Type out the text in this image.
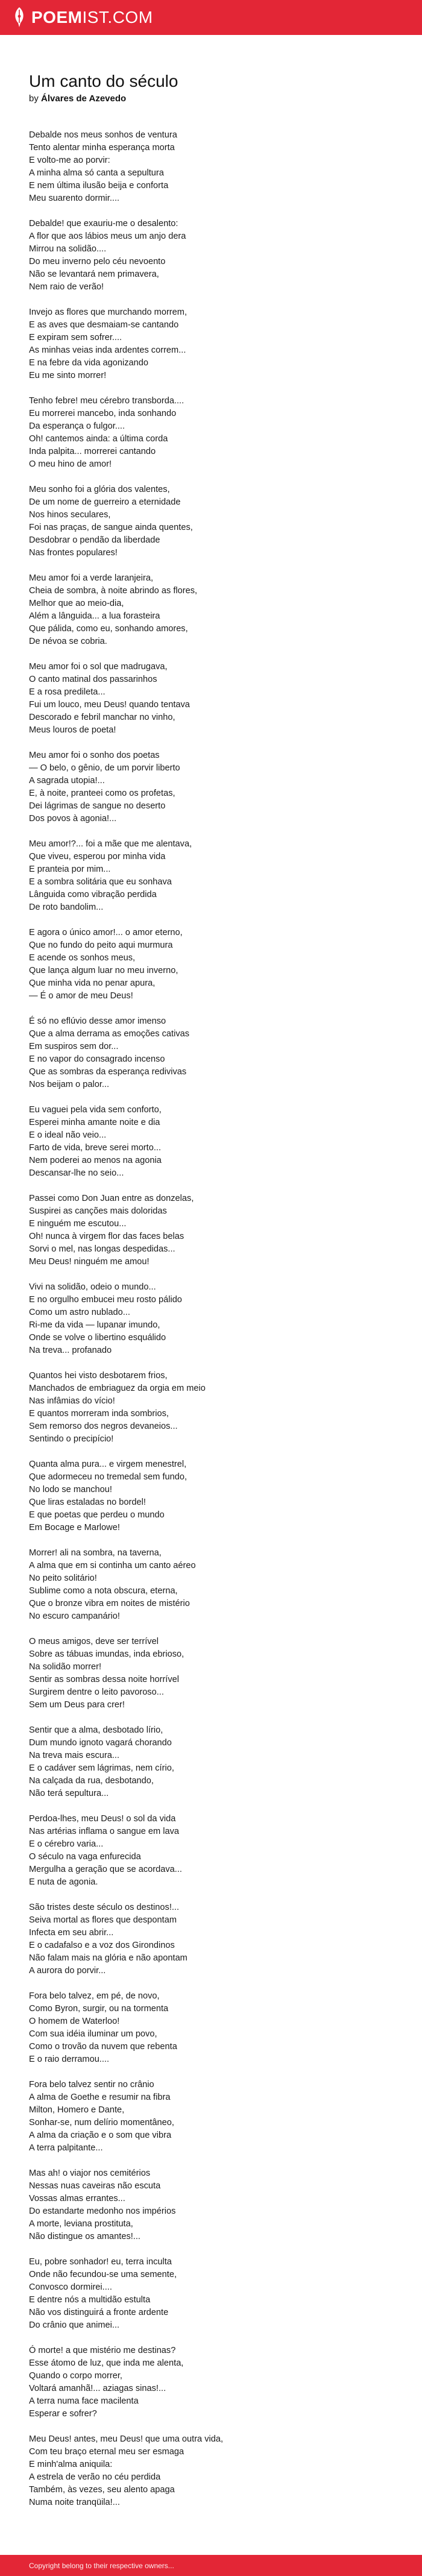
POEMIST.COM
Um canto do século
by Álvares de Azevedo
Debalde nos meus sonhos de ventura
Tento alentar minha esperança morta
E volto-me ao porvir:
A minha alma só canta a sepultura
E nem última ilusão beija e conforta
Meu suarento dormir....
Debalde! que exauriu-me o desalento:
A flor que aos lábios meus um anjo dera
Mirrou na solidão....
Do meu inverno pelo céu nevoento
Não se levantará nem primavera,
Nem raio de verão!
Invejo as flores que murchando morrem,
E as aves que desmaiam-se cantando
E expiram sem sofrer....
As minhas veias inda ardentes correm...
E na febre da vida agonizando
Eu me sinto morrer!
Tenho febre! meu cérebro transborda....
Eu morrerei mancebo, inda sonhando
Da esperança o fulgor....
Oh! cantemos ainda: a última corda
Inda palpita... morrerei cantando
O meu hino de amor!
Meu sonho foi a glória dos valentes,
De um nome de guerreiro a eternidade
Nos hinos seculares,
Foi nas praças, de sangue ainda quentes,
Desdobrar o pendão da liberdade
Nas frontes populares!
Meu amor foi a verde laranjeira,
Cheia de sombra, à noite abrindo as flores,
Melhor que ao meio-dia,
Além a lânguida... a lua forasteira
Que pálida, como eu, sonhando amores,
De névoa se cobria.
Meu amor foi o sol que madrugava,
O canto matinal dos passarinhos
E a rosa predileta...
Fui um louco, meu Deus! quando tentava
Descorado e febril manchar no vinho,
Meus louros de poeta!
Meu amor foi o sonho dos poetas
— O belo, o gênio, de um porvir liberto
A sagrada utopia!...
E, à noite, pranteei como os profetas,
Dei lágrimas de sangue no deserto
Dos povos à agonia!...
Meu amor!?... foi a mãe que me alentava,
Que viveu, esperou por minha vida
E pranteia por mim...
E a sombra solitária que eu sonhava
Lânguida como vibração perdida
De roto bandolim...
E agora o único amor!... o amor eterno,
Que no fundo do peito aqui murmura
E acende os sonhos meus,
Que lança algum luar no meu inverno,
Que minha vida no penar apura,
— É o amor de meu Deus!
É só no eflúvio desse amor imenso
Que a alma derrama as emoções cativas
Em suspiros sem dor...
E no vapor do consagrado incenso
Que as sombras da esperança redivivas
Nos beijam o palor...
Eu vaguei pela vida sem conforto,
Esperei minha amante noite e dia
E o ideal não veio...
Farto de vida, breve serei morto...
Nem poderei ao menos na agonia
Descansar-lhe no seio...
Passei como Don Juan entre as donzelas,
Suspirei as canções mais doloridas
E ninguém me escutou...
Oh! nunca à virgem flor das faces belas
Sorvi o mel, nas longas despedidas...
Meu Deus! ninguém me amou!
Vivi na solidão, odeio o mundo...
E no orgulho embucei meu rosto pálido
Como um astro nublado...
Ri-me da vida — lupanar imundo,
Onde se volve o libertino esquálido
Na treva... profanado
Quantos hei visto desbotarem frios,
Manchados de embriaguez da orgia em meio
Nas infâmias do vício!
E quantos morreram inda sombrios,
Sem remorso dos negros devaneios...
Sentindo o precipício!
Quanta alma pura... e virgem menestrel,
Que adormeceu no tremedal sem fundo,
No lodo se manchou!
Que liras estaladas no bordel!
E que poetas que perdeu o mundo
Em Bocage e Marlowe!
Morrer! ali na sombra, na taverna,
A alma que em si continha um canto aéreo
No peito solitário!
Sublime como a nota obscura, eterna,
Que o bronze vibra em noites de mistério
No escuro campanário!
O meus amigos, deve ser terrível
Sobre as tábuas imundas, inda ebrioso,
Na solidão morrer!
Sentir as sombras dessa noite horrível
Surgirem dentre o leito pavoroso...
Sem um Deus para crer!
Sentir que a alma, desbotado lírio,
Dum mundo ignoto vagará chorando
Na treva mais escura...
E o cadáver sem lágrimas, nem círio,
Na calçada da rua, desbotando,
Não terá sepultura...
Perdoa-lhes, meu Deus! o sol da vida
Nas artérias inflama o sangue em lava
E o cérebro varia...
O século na vaga enfurecida
Mergulha a geração que se acordava...
E nuta de agonia.
São tristes deste século os destinos!...
Seiva mortal as flores que despontam
Infecta em seu abrir...
E o cadafalso e a voz dos Girondinos
Não falam mais na glória e não apontam
A aurora do porvir...
Fora belo talvez, em pé, de novo,
Como Byron, surgir, ou na tormenta
O homem de Waterloo!
Com sua idéia iluminar um povo,
Como o trovão da nuvem que rebenta
E o raio derramou....
Fora belo talvez sentir no crânio
A alma de Goethe e resumir na fibra
Milton, Homero e Dante,
Sonhar-se, num delírio momentâneo,
A alma da criação e o som que vibra
A terra palpitante...
Mas ah! o viajor nos cemitérios
Nessas nuas caveiras não escuta
Vossas almas errantes...
Do estandarte medonho nos impérios
A morte, leviana prostituta,
Não distingue os amantes!...
Eu, pobre sonhador! eu, terra inculta
Onde não fecundou-se uma semente,
Convosco dormirei....
E dentre nós a multidão estulta
Não vos distinguirá a fronte ardente
Do crânio que animei...
Ó morte! a que mistério me destinas?
Esse átomo de luz, que inda me alenta,
Quando o corpo morrer,
Voltará amanhã!... aziagas sinas!...
A terra numa face macilenta
Esperar e sofrer?
Meu Deus! antes, meu Deus! que uma outra vida,
Com teu braço eternal meu ser esmaga
E minh'alma aniquila:
A estrela de verão no céu perdida
Também, às vezes, seu alento apaga
Numa noite tranqüila!...
Copyright belong to their respective owners...
